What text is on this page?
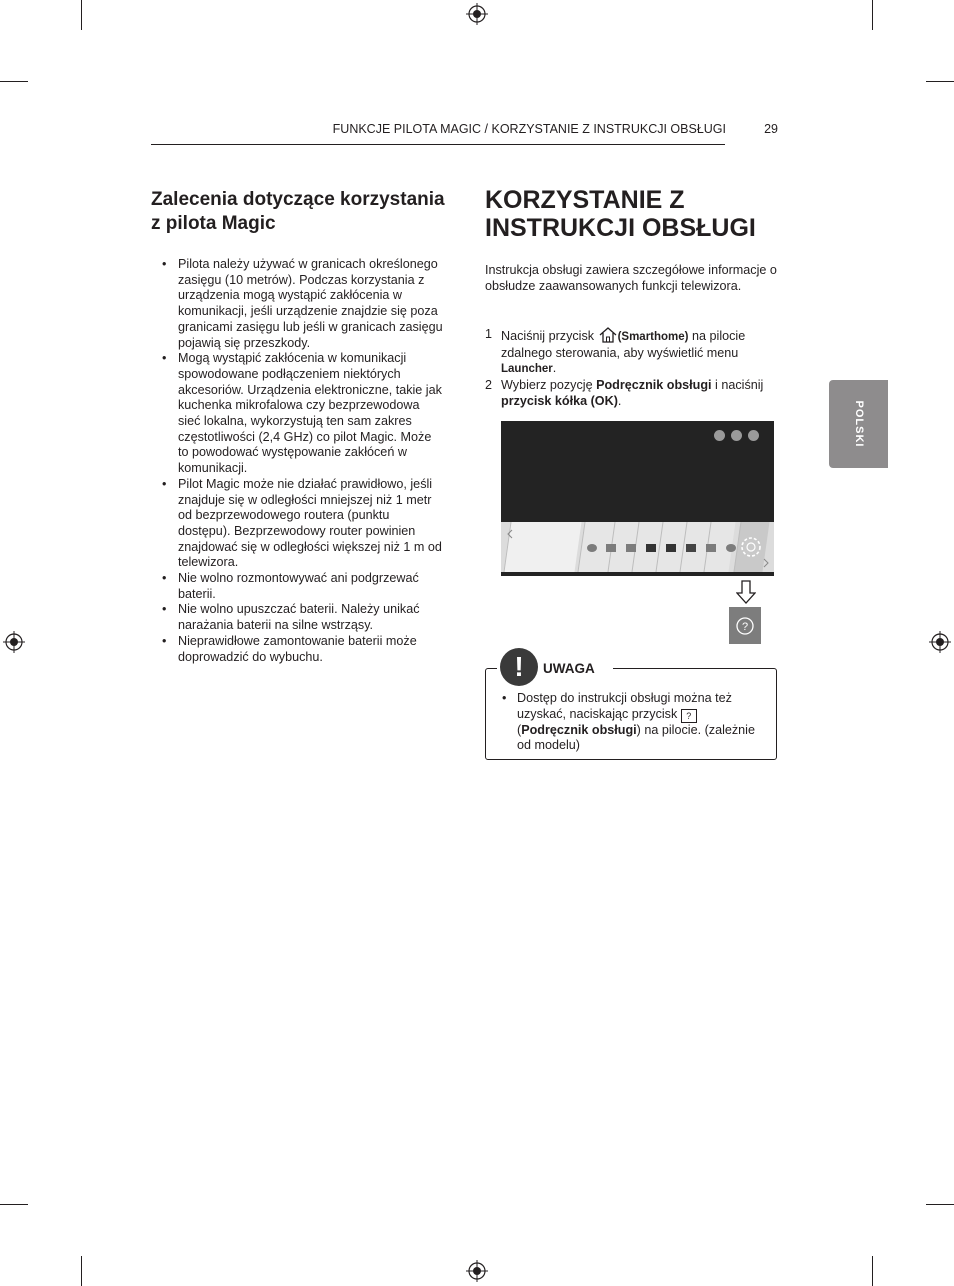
FUNKCJE PILOTA MAGIC / KORZYSTANIE Z INSTRUKCJI OBSŁUGI	29
POLSKI
Zalecenia dotyczące korzystania z pilota Magic
• Pilota należy używać w granicach określonego zasięgu (10 metrów). Podczas korzystania z urządzenia mogą wystąpić zakłócenia w komunikacji, jeśli urządzenie znajdzie się poza granicami zasięgu lub jeśli w granicach zasięgu pojawią się przeszkody.
• Mogą wystąpić zakłócenia w komunikacji spowodowane podłączeniem niektórych akcesoriów. Urządzenia elektroniczne, takie jak kuchenka mikrofalowa czy bezprzewodowa sieć lokalna, wykorzystują ten sam zakres częstotliwości (2,4 GHz) co pilot Magic. Może to powodować występowanie zakłóceń w komunikacji.
• Pilot Magic może nie działać prawidłowo, jeśli znajduje się w odległości mniejszej niż 1 metr od bezprzewodowego routera (punktu dostępu). Bezprzewodowy router powinien znajdować się w odległości większej niż 1 m od telewizora.
• Nie wolno rozmontowywać ani podgrzewać baterii.
• Nie wolno upuszczać baterii. Należy unikać narażania baterii na silne wstrząsy.
• Nieprawidłowe zamontowanie baterii może doprowadzić do wybuchu.
KORZYSTANIE Z INSTRUKCJI OBSŁUGI
Instrukcja obsługi zawiera szczegółowe informacje o obsłudze zaawansowanych funkcji telewizora.
1 Naciśnij przycisk (Smarthome) na pilocie zdalnego sterowania, aby wyświetlić menu Launcher.
2 Wybierz pozycję Podręcznik obsługi i naciśnij przycisk kółka (OK).
?
!	UWAGA
• Dostęp do instrukcji obsługi można też uzyskać, naciskając przycisk ?
(Podręcznik obsługi) na pilocie. (zależnie od modelu)
